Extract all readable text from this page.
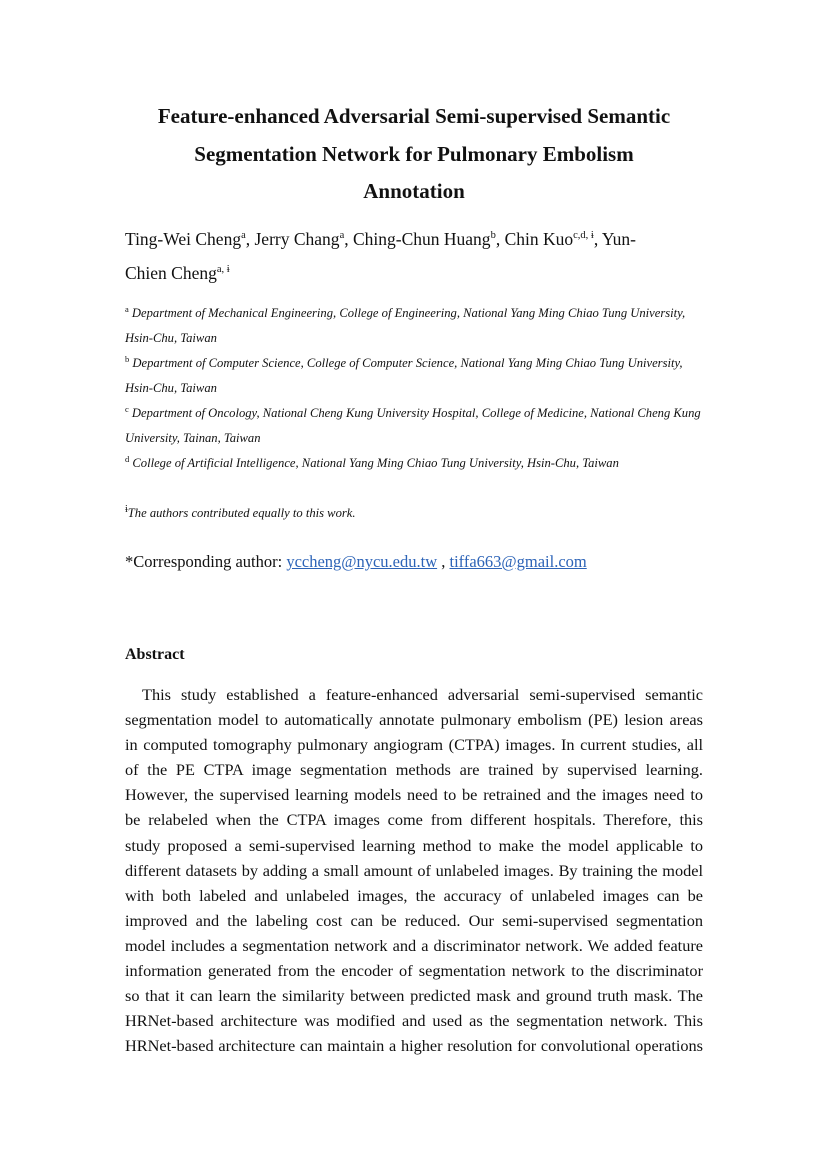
Feature-enhanced Adversarial Semi-supervised Semantic
Segmentation Network for Pulmonary Embolism
Annotation
Ting-Wei Cheng$^a$, Jerry Chang$^a$, Ching-Chun Huang$^b$, Chin Kuo$^{c,d, ɨ}$, Yun-
Chien Cheng$^{a, ɨ}$
$^a$ Department of Mechanical Engineering, College of Engineering, National Yang Ming Chiao Tung University, Hsin-Chu, Taiwan
$^b$ Department of Computer Science, College of Computer Science, National Yang Ming Chiao Tung University, Hsin-Chu, Taiwan
$^c$ Department of Oncology, National Cheng Kung University Hospital, College of Medicine, National Cheng Kung University, Tainan, Taiwan
$^d$ College of Artificial Intelligence, National Yang Ming Chiao Tung University, Hsin-Chu, Taiwan
$^ɨ$The authors contributed equally to this work.
*Corresponding author: yccheng@nycu.edu.tw , tiffa663@gmail.com
Abstract
This study established a feature-enhanced adversarial semi-supervised semantic
segmentation model to automatically annotate pulmonary embolism (PE) lesion areas
in computed tomography pulmonary angiogram (CTPA) images. In current studies, all
of the PE CTPA image segmentation methods are trained by supervised learning.
However, the supervised learning models need to be retrained and the images need to
be relabeled when the CTPA images come from different hospitals. Therefore, this
study proposed a semi-supervised learning method to make the model applicable to
different datasets by adding a small amount of unlabeled images. By training the model
with both labeled and unlabeled images, the accuracy of unlabeled images can be
improved and the labeling cost can be reduced. Our semi-supervised segmentation
model includes a segmentation network and a discriminator network. We added feature
information generated from the encoder of segmentation network to the discriminator
so that it can learn the similarity between predicted mask and ground truth mask. The
HRNet-based architecture was modified and used as the segmentation network. This
HRNet-based architecture can maintain a higher resolution for convolutional operations
